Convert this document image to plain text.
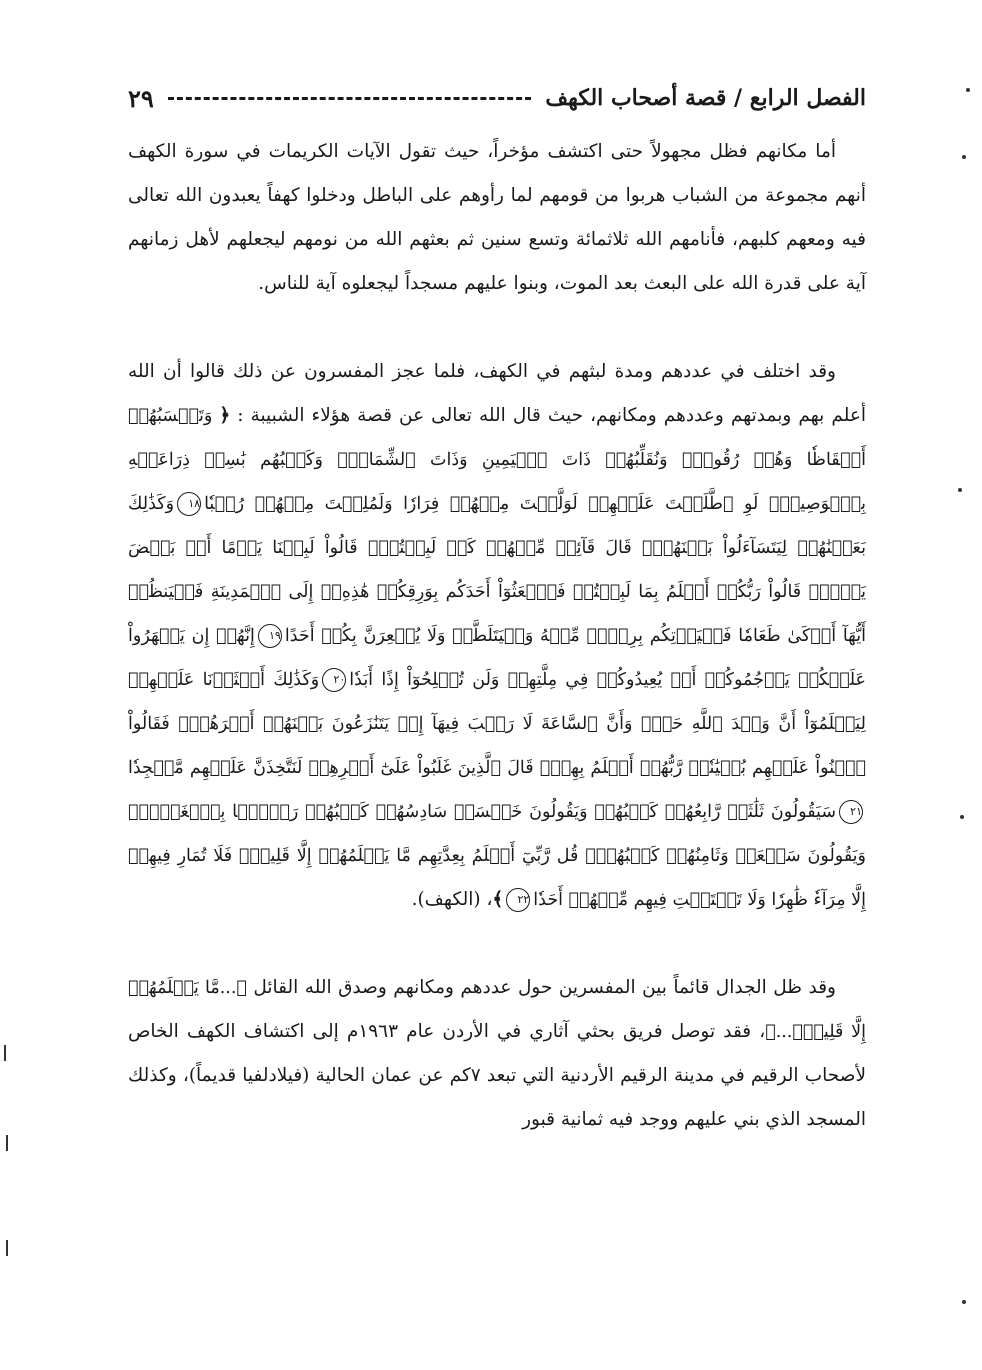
الفصل الرابع / قصة أصحاب الكهف
٢٩

أما مكانهم فظل مجهولاً حتى اكتشف مؤخراً، حيث تقول الآيات الكريمات في سورة الكهف أنهم مجموعة من الشباب هربوا من قومهم لما رأوهم على الباطل ودخلوا كهفاً يعبدون الله تعالى فيه ومعهم كلبهم، فأنامهم الله ثلاثمائة وتسع سنين ثم بعثهم الله من نومهم ليجعلهم لأهل زمانهم آية على قدرة الله على البعث بعد الموت، وبنوا عليهم مسجداً ليجعلوه آية للناس.

وقد اختلف في عددهم ومدة لبثهم في الكهف، فلما عجز المفسرون عن ذلك قالوا أن الله أعلم بهم وبمدتهم وعددهم ومكانهم، حيث قال الله تعالى عن قصة هؤلاء الشبيبة : ﴿ وَتَحۡسَبُهُمۡ أَيۡقَاظٗا وَهُمۡ رُقُودٞۚ وَنُقَلِّبُهُمۡ ذَاتَ ٱلۡيَمِينِ وَذَاتَ ٱلشِّمَالِۖ وَكَلۡبُهُم بَٰسِطٞ ذِرَاعَيۡهِ بِٱلۡوَصِيدِۚ لَوِ ٱطَّلَعۡتَ عَلَيۡهِمۡ لَوَلَّيۡتَ مِنۡهُمۡ فِرَارٗا وَلَمُلِئۡتَ مِنۡهُمۡ رُعۡبٗا١٨وَكَذَٰلِكَ بَعَثۡنَٰهُمۡ لِيَتَسَآءَلُواْ بَيۡنَهُمۡۚ قَالَ قَآئِلٞ مِّنۡهُمۡ كَمۡ لَبِثۡتُمۡۖ قَالُواْ لَبِثۡنَا يَوۡمًا أَوۡ بَعۡضَ يَوۡمٖۚ قَالُواْ رَبُّكُمۡ أَعۡلَمُ بِمَا لَبِثۡتُمۡ فَٱبۡعَثُوٓاْ أَحَدَكُم بِوَرِقِكُمۡ هَٰذِهِۦٓ إِلَى ٱلۡمَدِينَةِ فَلۡيَنظُرۡ أَيُّهَآ أَزۡكَىٰ طَعَامٗا فَلۡيَأۡتِكُم بِرِزۡقٖ مِّنۡهُ وَلۡيَتَلَطَّفۡ وَلَا يُشۡعِرَنَّ بِكُمۡ أَحَدًا١٩إِنَّهُمۡ إِن يَظۡهَرُواْ عَلَيۡكُمۡ يَرۡجُمُوكُمۡ أَوۡ يُعِيدُوكُمۡ فِي مِلَّتِهِمۡ وَلَن تُفۡلِحُوٓاْ إِذًا أَبَدٗا٢٠وَكَذَٰلِكَ أَعۡثَرۡنَا عَلَيۡهِمۡ لِيَعۡلَمُوٓاْ أَنَّ وَعۡدَ ٱللَّهِ حَقّٞ وَأَنَّ ٱلسَّاعَةَ لَا رَيۡبَ فِيهَآ إِذۡ يَتَنَٰزَعُونَ بَيۡنَهُمۡ أَمۡرَهُمۡۖ فَقَالُواْ ٱبۡنُواْ عَلَيۡهِم بُنۡيَٰنٗاۖ رَّبُّهُمۡ أَعۡلَمُ بِهِمۡۚ قَالَ ٱلَّذِينَ غَلَبُواْ عَلَىٰٓ أَمۡرِهِمۡ لَنَتَّخِذَنَّ عَلَيۡهِم مَّسۡجِدٗا٢١سَيَقُولُونَ ثَلَٰثَةٞ رَّابِعُهُمۡ كَلۡبُهُمۡ وَيَقُولُونَ خَمۡسَةٞ سَادِسُهُمۡ كَلۡبُهُمۡ رَجۡمَۢا بِٱلۡغَيۡبِۖ وَيَقُولُونَ سَبۡعَةٞ وَثَامِنُهُمۡ كَلۡبُهُمۡۚ قُل رَّبِّيٓ أَعۡلَمُ بِعِدَّتِهِم مَّا يَعۡلَمُهُمۡ إِلَّا قَلِيلٞۗ فَلَا تُمَارِ فِيهِمۡ إِلَّا مِرَآءٗ ظَٰهِرٗا وَلَا تَسۡتَفۡتِ فِيهِم مِّنۡهُمۡ أَحَدٗا٢٢﴾، (الكهف).

وقد ظل الجدال قائماً بين المفسرين حول عددهم ومكانهم وصدق الله القائل ﴿...مَّا يَعۡلَمُهُمۡ إِلَّا قَلِيلٞۗ...﴾، فقد توصل فريق بحثي آثاري في الأردن عام ١٩٦٣م إلى اكتشاف الكهف الخاص لأصحاب الرقيم في مدينة الرقيم الأردنية التي تبعد ٧كم عن عمان الحالية (فيلادلفيا قديماً)، وكذلك المسجد الذي بني عليهم ووجد فيه ثمانية قبور
